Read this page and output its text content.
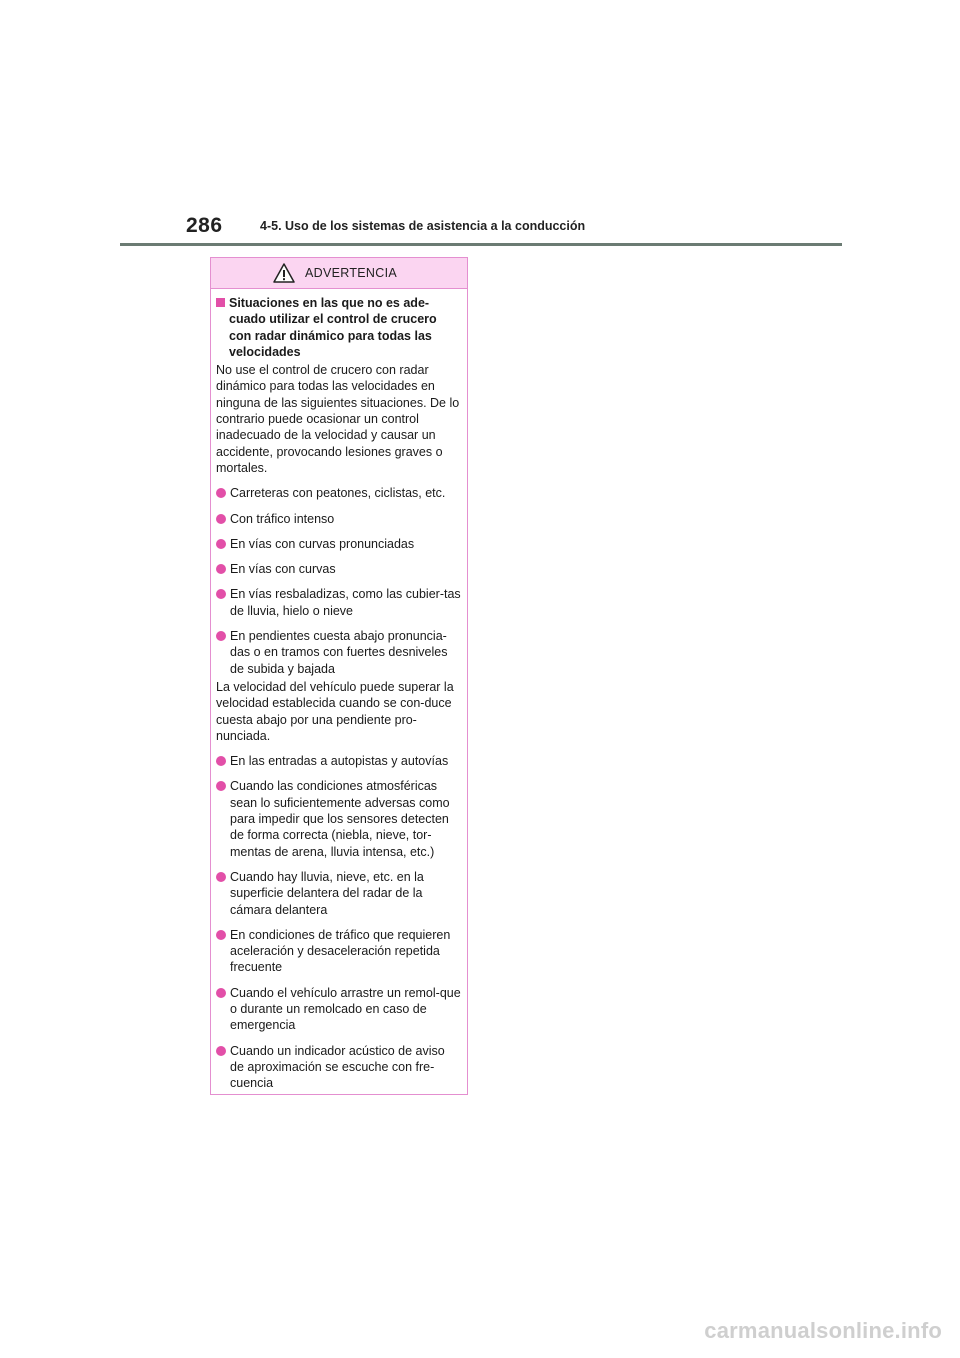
286	4-5. Uso de los sistemas de asistencia a la conducción
ADVERTENCIA
Situaciones en las que no es ade-cuado utilizar el control de crucero con radar dinámico para todas las velocidades
No use el control de crucero con radar dinámico para todas las velocidades en ninguna de las siguientes situaciones. De lo contrario puede ocasionar un control inadecuado de la velocidad y causar un accidente, provocando lesiones graves o mortales.
Carreteras con peatones, ciclistas, etc.
Con tráfico intenso
En vías con curvas pronunciadas
En vías con curvas
En vías resbaladizas, como las cubier-tas de lluvia, hielo o nieve
En pendientes cuesta abajo pronuncia-das o en tramos con fuertes desniveles de subida y bajada
La velocidad del vehículo puede superar la velocidad establecida cuando se con-duce cuesta abajo por una pendiente pro-nunciada.
En las entradas a autopistas y autovías
Cuando las condiciones atmosféricas sean lo suficientemente adversas como para impedir que los sensores detecten de forma correcta (niebla, nieve, tor-mentas de arena, lluvia intensa, etc.)
Cuando hay lluvia, nieve, etc. en la superficie delantera del radar de la cámara delantera
En condiciones de tráfico que requieren aceleración y desaceleración repetida frecuente
Cuando el vehículo arrastre un remol-que o durante un remolcado en caso de emergencia
Cuando un indicador acústico de aviso de aproximación se escuche con fre-cuencia
carmanualsonline.info
